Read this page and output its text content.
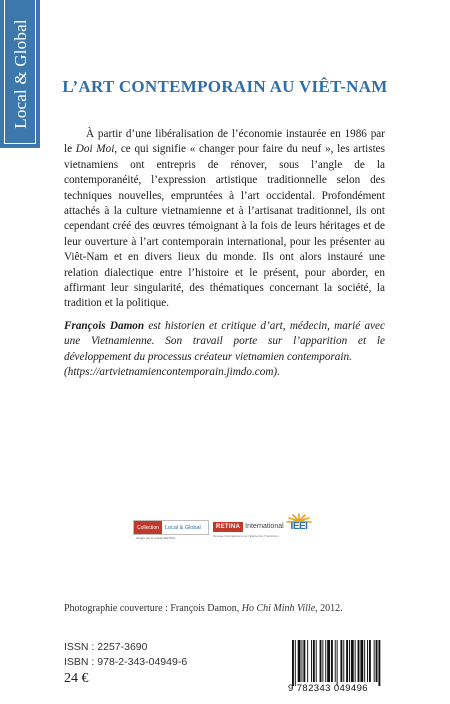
Local & Global	L’ART CONTEMPORAIN AU VIÊT-NAM

À partir d’une libéralisation de l’économie instaurée en 1986 par le Doi Moi, ce qui signifie « changer pour faire du neuf », les artistes vietnamiens ont entrepris de rénover, sous l’angle de la contemporanéité, l’expression artistique traditionnelle selon des techniques nouvelles, empruntées à l’art occidental. Profondément attachés à la culture vietnamienne et à l’artisanat traditionnel, ils ont cependant créé des œuvres témoignant à la fois de leurs héritages et de leur ouverture à l’art contemporain international, pour les présenter au Viêt-Nam et en divers lieux du monde. Ils ont alors instauré une relation dialectique entre l’histoire et le présent, pour aborder, en affirmant leur singularité, des thématiques concernant la société, la tradition et la politique.

François Damon est historien et critique d’art, médecin, marié avec une Vietnamienne. Son travail porte sur l’apparition et le développement du processus créateur vietnamien contemporain.
(https://artvietnamiencontemporain.jimdo.com).

Collection	Local & Global
dirigée par le réseau RETINA
RETINA International
Réseau International pour l’Etude des Transitions
IEEI
Photographie couverture : François Damon, Ho Chi Minh Ville, 2012.
ISSN : 2257-3690
ISBN : 978-2-343-04949-6
24 €
9 782343 049496
